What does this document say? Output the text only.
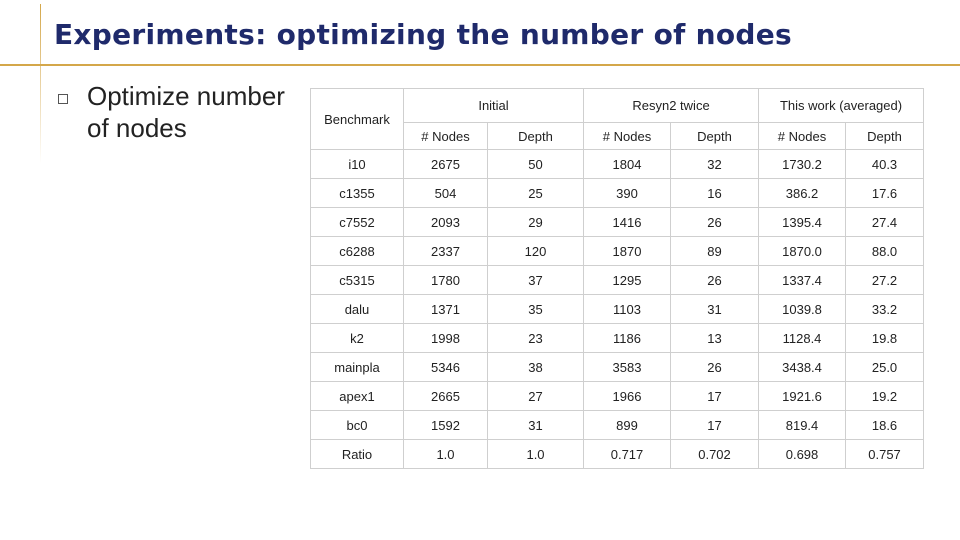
Experiments: optimizing the number of nodes
Optimize number of nodes	Benchmark	Initial		Resyn2 twice		This work (averaged)	
	# Nodes	Depth	# Nodes	Depth	# Nodes	Depth
i10	2675	50	1804	32	1730.2	40.3
c1355	504	25	390	16	386.2	17.6
c7552	2093	29	1416	26	1395.4	27.4
c6288	2337	120	1870	89	1870.0	88.0
c5315	1780	37	1295	26	1337.4	27.2
dalu	1371	35	1103	31	1039.8	33.2
k2	1998	23	1186	13	1128.4	19.8
mainpla	5346	38	3583	26	3438.4	25.0
apex1	2665	27	1966	17	1921.6	19.2
bc0	1592	31	899	17	819.4	18.6
Ratio	1.0	1.0	0.717	0.702	0.698	0.757
